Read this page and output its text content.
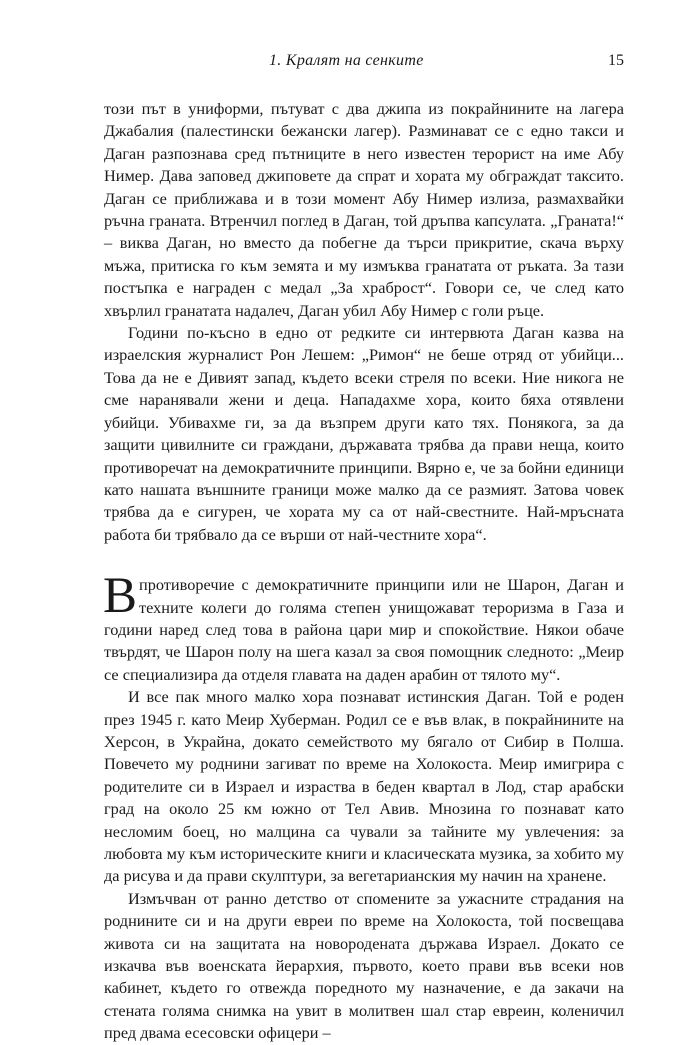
1. Кралят на сенките	15

този път в униформи, пътуват с два джипа из покрайнините на лагера Джабалия (палестински бежански лагер). Разминават се с едно такси и Даган разпознава сред пътниците в него известен терорист на име Абу Нимер. Дава заповед джиповете да спрат и хората му обграждат таксито. Даган се приближава и в този момент Абу Нимер излиза, размахвайки ръчна граната. Втренчил поглед в Даган, той дръпва капсулата. „Граната!“ – виква Даган, но вместо да побегне да търси прикритие, скача върху мъжа, притиска го към земята и му измъква гранатата от ръката. За тази постъпка е награден с медал „За храброст“. Говори се, че след като хвърлил гранатата надалеч, Даган убил Абу Нимер с голи ръце.

Години по-късно в едно от редките си интервюта Даган казва на израелския журналист Рон Лешем: „Римон“ не беше отряд от убийци... Това да не е Дивият запад, където всеки стреля по всеки. Ние никога не сме наранявали жени и деца. Нападахме хора, които бяха отявлени убийци. Убивахме ги, за да възпрем други като тях. Понякога, за да защити цивилните си граждани, държавата трябва да прави неща, които противоречат на демократичните принципи. Вярно е, че за бойни единици като нашата външните граници може малко да се размият. Затова човек трябва да е сигурен, че хората му са от най-свестните. Най-мръсната работа би трябвало да се върши от най-честните хора“.

Впротиворечие с демократичните принципи или не Шарон, Даган и техните колеги до голяма степен унищожават тероризма в Газа и години наред след това в района цари мир и спокойствие. Някои обаче твърдят, че Шарон полу на шега казал за своя помощник следното: „Меир се специализира да отделя главата на даден арабин от тялото му“.

И все пак много малко хора познават истинския Даган. Той е роден през 1945 г. като Меир Хуберман. Родил се е във влак, в покрайнините на Херсон, в Украйна, докато семейството му бягало от Сибир в Полша. Повечето му роднини загиват по време на Холокоста. Меир имигрира с родителите си в Израел и израства в беден квартал в Лод, стар арабски град на около 25 км южно от Тел Авив. Мнозина го познават като несломим боец, но малцина са чували за тайните му увлечения: за любовта му към историческите книги и класическата музика, за хобито му да рисува и да прави скулптури, за вегетарианския му начин на хранене.

Измъчван от ранно детство от спомените за ужасните страдания на роднините си и на други евреи по време на Холокоста, той посвещава живота си на защитата на новородената държава Израел. Докато се изкачва във военската йерархия, първото, което прави във всеки нов кабинет, където го отвеждa поредното му назначение, е да закачи на стената голяма снимка на увит в молитвен шал стар евреин, коленичил пред двама есесовски офицери –
